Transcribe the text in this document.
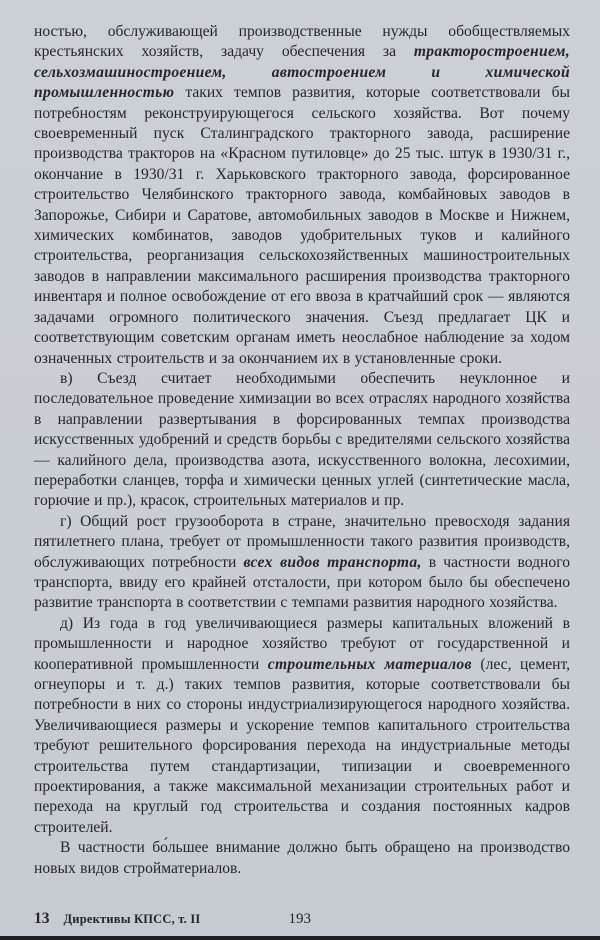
ностью, обслуживающей производственные нужды обобществляемых крестьянских хозяйств, задачу обеспечения за тракторостроением, сельхозмашиностроением, автостроением и химической промышленностью таких темпов развития, которые соответствовали бы потребностям реконструирующегося сельского хозяйства. Вот почему своевременный пуск Сталинградского тракторного завода, расширение производства тракторов на «Красном путиловце» до 25 тыс. штук в 1930/31 г., окончание в 1930/31 г. Харьковского тракторного завода, форсированное строительство Челябинского тракторного завода, комбайновых заводов в Запорожье, Сибири и Саратове, автомобильных заводов в Москве и Нижнем, химических комбинатов, заводов удобрительных туков и калийного строительства, реорганизация сельскохозяйственных машиностроительных заводов в направлении максимального расширения производства тракторного инвентаря и полное освобождение от его ввоза в кратчайший срок — являются задачами огромного политического значения. Съезд предлагает ЦК и соответствующим советским органам иметь неослабное наблюдение за ходом означенных строительств и за окончанием их в установленные сроки.

в) Съезд считает необходимыми обеспечить неуклонное и последовательное проведение химизации во всех отраслях народного хозяйства в направлении развертывания в форсированных темпах производства искусственных удобрений и средств борьбы с вредителями сельского хозяйства — калийного дела, производства азота, искусственного волокна, лесохимии, переработки сланцев, торфа и химически ценных углей (синтетические масла, горючие и пр.), красок, строительных материалов и пр.

г) Общий рост грузооборота в стране, значительно превосходя задания пятилетнего плана, требует от промышленности такого развития производств, обслуживающих потребности всех видов транспорта, в частности водного транспорта, ввиду его крайней отсталости, при котором было бы обеспечено развитие транспорта в соответствии с темпами развития народного хозяйства.

д) Из года в год увеличивающиеся размеры капитальных вложений в промышленности и народное хозяйство требуют от государственной и кооперативной промышленности строительных материалов (лес, цемент, огнеупоры и т. д.) таких темпов развития, которые соответствовали бы потребности в них со стороны индустриализирующегося народного хозяйства. Увеличивающиеся размеры и ускорение темпов капитального строительства требуют решительного форсирования перехода на индустриальные методы строительства путем стандартизации, типизации и своевременного проектирования, а также максимальной механизации строительных работ и перехода на круглый год строительства и создания постоянных кадров строителей.

В частности бо́льшее внимание должно быть обращено на производство новых видов стройматериалов.

13 Директивы КПСС, т. II	193
